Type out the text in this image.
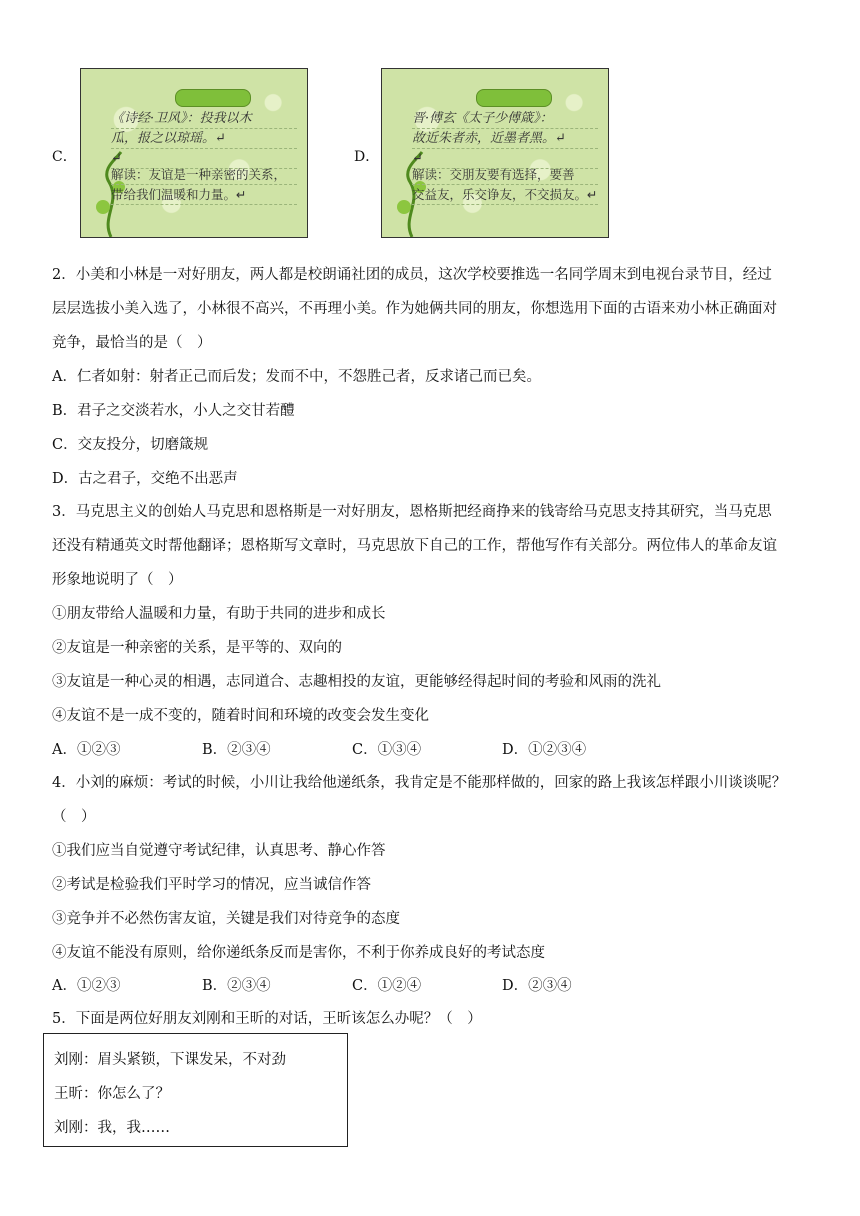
C．
《诗经·卫风》：投我以木
瓜，报之以琼瑶。↵
↵
解读：友谊是一种亲密的关系，
带给我们温暖和力量。↵
D．
晋·傅玄《太子少傅箴》：
故近朱者赤，近墨者黑。↵
↵
解读：交朋友要有选择，要善
交益友，乐交诤友，不交损友。↵
2．小美和小林是一对好朋友，两人都是校朗诵社团的成员，这次学校要推选一名同学周末到电视台录节目，经过
层层选拔小美入选了，小林很不高兴，不再理小美。作为她俩共同的朋友，你想选用下面的古语来劝小林正确面对
竞争，最恰当的是（　）
A．仁者如射：射者正己而后发；发而不中，不怨胜己者，反求诸己而已矣。
B．君子之交淡若水，小人之交甘若醴
C．交友投分，切磨箴规
D．古之君子，交绝不出恶声
3．马克思主义的创始人马克思和恩格斯是一对好朋友，恩格斯把经商挣来的钱寄给马克思支持其研究，当马克思
还没有精通英文时帮他翻译；恩格斯写文章时，马克思放下自己的工作，帮他写作有关部分。两位伟人的革命友谊
形象地说明了（　）
①朋友带给人温暖和力量，有助于共同的进步和成长
②友谊是一种亲密的关系，是平等的、双向的
③友谊是一种心灵的相遇，志同道合、志趣相投的友谊，更能够经得起时间的考验和风雨的洗礼
④友谊不是一成不变的，随着时间和环境的改变会发生变化
A．①②③	B．②③④	C．①③④	D．①②③④
4．小刘的麻烦：考试的时候，小川让我给他递纸条，我肯定是不能那样做的，回家的路上我该怎样跟小川谈谈呢？
（　）
①我们应当自觉遵守考试纪律，认真思考、静心作答
②考试是检验我们平时学习的情况，应当诚信作答
③竞争并不必然伤害友谊，关键是我们对待竞争的态度
④友谊不能没有原则，给你递纸条反而是害你，不利于你养成良好的考试态度
A．①②③	B．②③④	C．①②④	D．②③④
5．下面是两位好朋友刘刚和王昕的对话，王昕该怎么办呢？（　）
刘刚：眉头紧锁，下课发呆，不对劲
王昕：你怎么了？
刘刚：我，我……
